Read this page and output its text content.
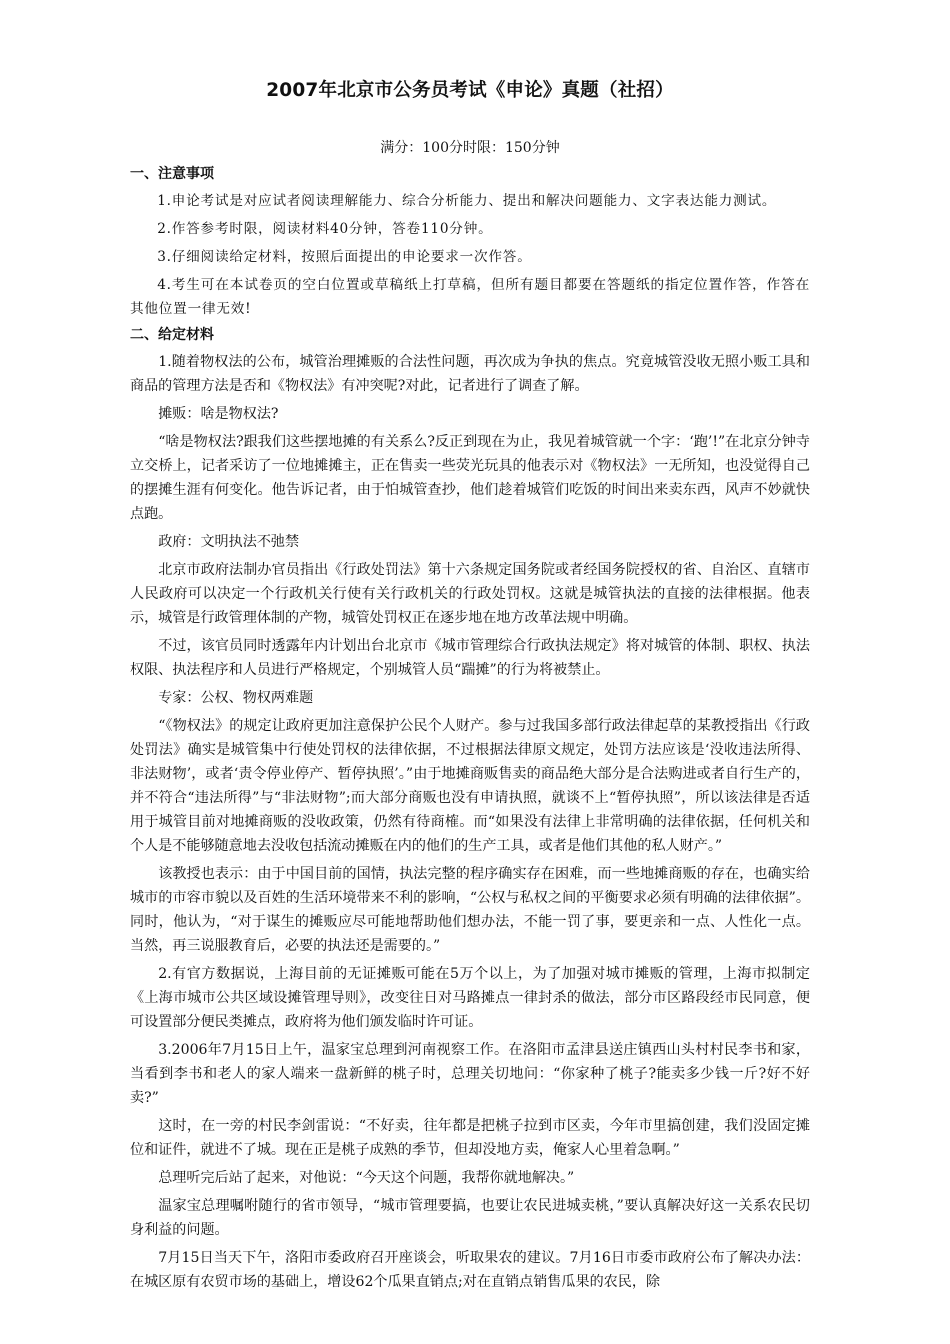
2007年北京市公务员考试《申论》真题（社招）

满分：100分时限：150分钟

一、注意事项

1.申论考试是对应试者阅读理解能力、综合分析能力、提出和解决问题能力、文字表达能力测试。

2.作答参考时限，阅读材料40分钟，答卷110分钟。

3.仔细阅读给定材料，按照后面提出的申论要求一次作答。

4.考生可在本试卷页的空白位置或草稿纸上打草稿，但所有题目都要在答题纸的指定位置作答，作答在其他位置一律无效!

二、给定材料

1.随着物权法的公布，城管治理摊贩的合法性问题，再次成为争执的焦点。究竟城管没收无照小贩工具和商品的管理方法是否和《物权法》有冲突呢?对此，记者进行了调查了解。

摊贩：啥是物权法?

“啥是物权法?跟我们这些摆地摊的有关系么?反正到现在为止，我见着城管就一个字：‘跑’!”在北京分钟寺立交桥上，记者采访了一位地摊摊主，正在售卖一些荧光玩具的他表示对《物权法》一无所知，也没觉得自己的摆摊生涯有何变化。他告诉记者，由于怕城管查抄，他们趁着城管们吃饭的时间出来卖东西，风声不妙就快点跑。

政府：文明执法不弛禁

北京市政府法制办官员指出《行政处罚法》第十六条规定国务院或者经国务院授权的省、自治区、直辖市人民政府可以决定一个行政机关行使有关行政机关的行政处罚权。这就是城管执法的直接的法律根据。他表示，城管是行政管理体制的产物，城管处罚权正在逐步地在地方改革法规中明确。

不过，该官员同时透露年内计划出台北京市《城市管理综合行政执法规定》将对城管的体制、职权、执法权限、执法程序和人员进行严格规定，个别城管人员“踹摊”的行为将被禁止。

专家：公权、物权两难题

“《物权法》的规定让政府更加注意保护公民个人财产。参与过我国多部行政法律起草的某教授指出《行政处罚法》确实是城管集中行使处罚权的法律依据，不过根据法律原文规定，处罚方法应该是‘没收违法所得、非法财物’，或者‘责令停业停产、暂停执照’。”由于地摊商贩售卖的商品绝大部分是合法购进或者自行生产的，并不符合“违法所得”与“非法财物”;而大部分商贩也没有申请执照，就谈不上“暂停执照”，所以该法律是否适用于城管目前对地摊商贩的没收政策，仍然有待商榷。而“如果没有法律上非常明确的法律依据，任何机关和个人是不能够随意地去没收包括流动摊贩在内的他们的生产工具，或者是他们其他的私人财产。”

该教授也表示：由于中国目前的国情，执法完整的程序确实存在困难，而一些地摊商贩的存在，也确实给城市的市容市貌以及百姓的生活环境带来不利的影响，“公权与私权之间的平衡要求必须有明确的法律依据”。同时，他认为，“对于谋生的摊贩应尽可能地帮助他们想办法，不能一罚了事，要更亲和一点、人性化一点。当然，再三说服教育后，必要的执法还是需要的。”

2.有官方数据说，上海目前的无证摊贩可能在5万个以上，为了加强对城市摊贩的管理，上海市拟制定《上海市城市公共区域设摊管理导则》，改变往日对马路摊点一律封杀的做法，部分市区路段经市民同意，便可设置部分便民类摊点，政府将为他们颁发临时许可证。

3.2006年7月15日上午，温家宝总理到河南视察工作。在洛阳市孟津县送庄镇西山头村村民李书和家，当看到李书和老人的家人端来一盘新鲜的桃子时，总理关切地问：“你家种了桃子?能卖多少钱一斤?好不好卖?”

这时，在一旁的村民李剑雷说：“不好卖，往年都是把桃子拉到市区卖，今年市里搞创建，我们没固定摊位和证件，就进不了城。现在正是桃子成熟的季节，但却没地方卖，俺家人心里着急啊。”

总理听完后站了起来，对他说：“今天这个问题，我帮你就地解决。”

温家宝总理嘱咐随行的省市领导，“城市管理要搞，也要让农民进城卖桃，”要认真解决好这一关系农民切身利益的问题。

7月15日当天下午，洛阳市委政府召开座谈会，听取果农的建议。7月16日市委市政府公布了解决办法：在城区原有农贸市场的基础上，增设62个瓜果直销点;对在直销点销售瓜果的农民，除
